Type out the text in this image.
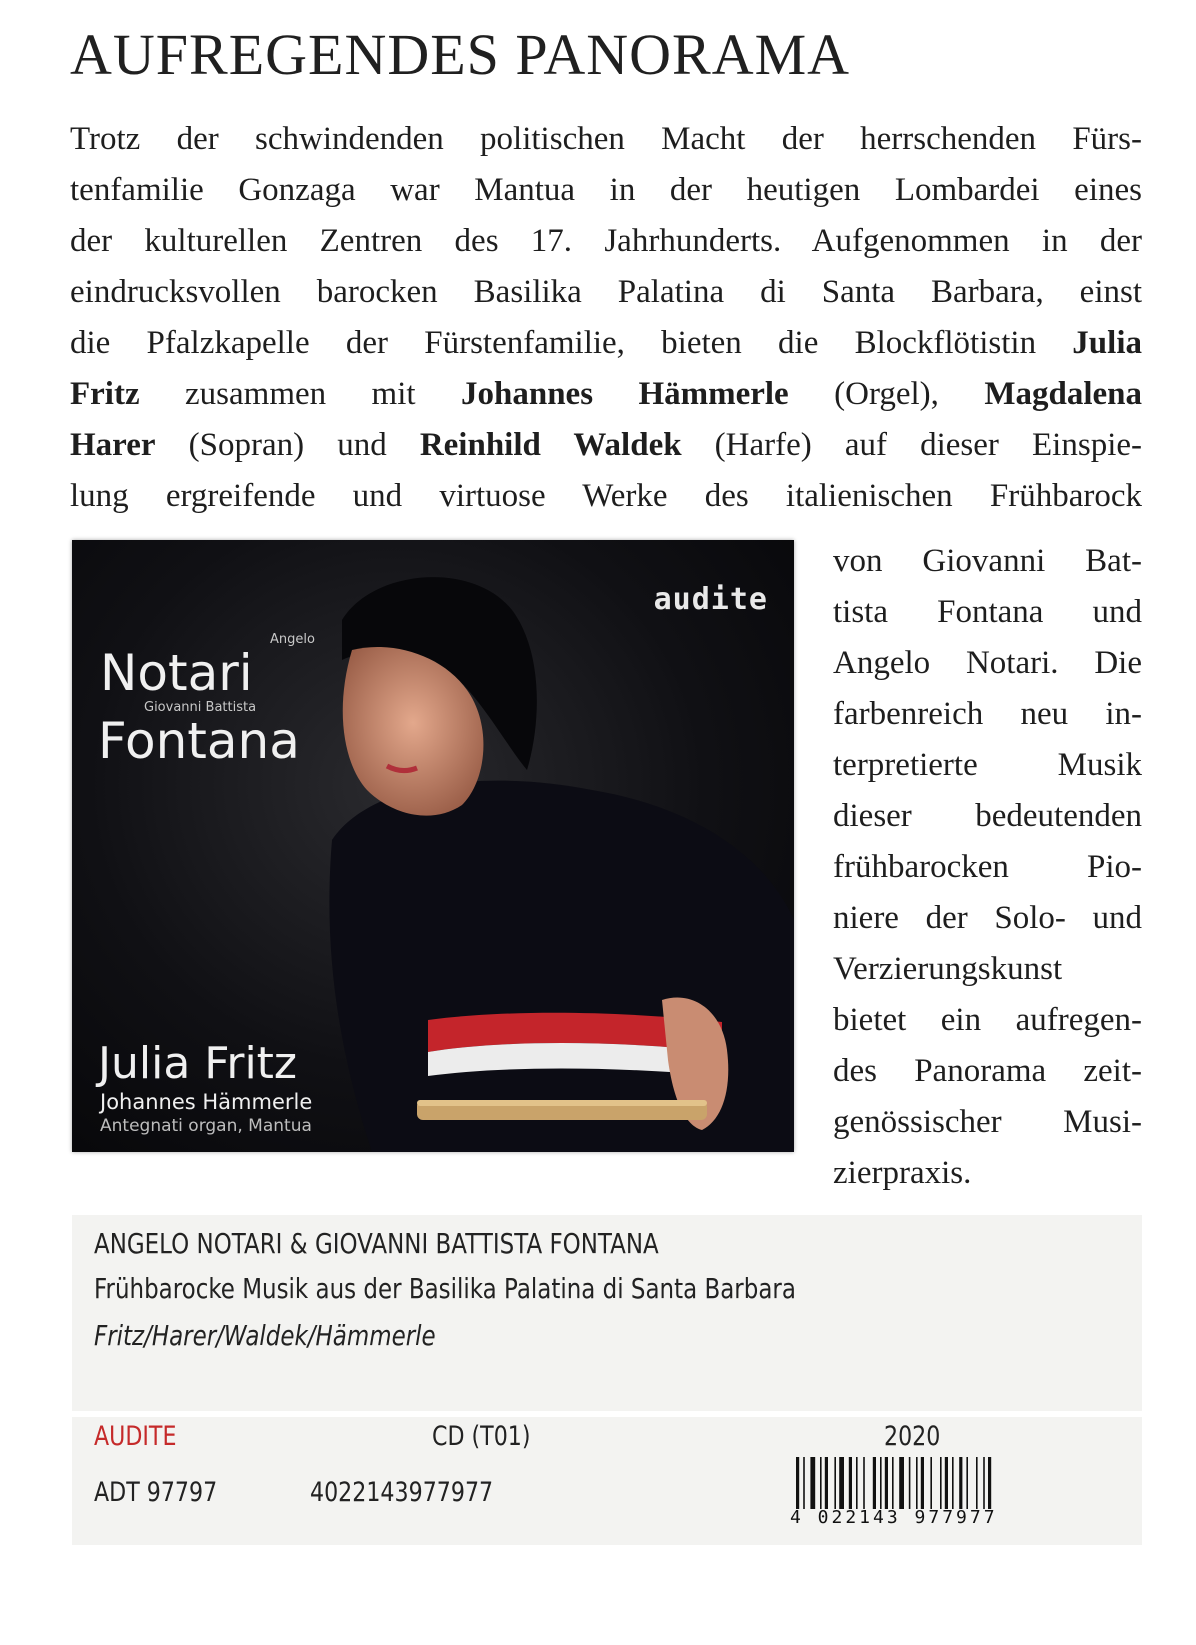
AUFREGENDES PANORAMA
Trotz der schwindenden politischen Macht der herrschenden Fürs-
tenfamilie Gonzaga war Mantua in der heutigen Lombardei eines
der kulturellen Zentren des 17. Jahrhunderts. Aufgenommen in der
eindrucksvollen barocken Basilika Palatina di Santa Barbara, einst
die Pfalzkapelle der Fürstenfamilie, bieten die Blockflötistin Julia
Fritz zusammen mit Johannes Hämmerle (Orgel), Magdalena
Harer (Sopran) und Reinhild Waldek (Harfe) auf dieser Einspie-
lung ergreifende und virtuose Werke des italienischen Frühbarock
audite
Angelo
Notari
Giovanni Battista
Fontana
Julia Fritz
Johannes Hämmerle
Antegnati organ, Mantua
von Giovanni Bat-
tista Fontana und
Angelo Notari. Die
farbenreich neu in-
terpretierte Musik
dieser bedeutenden
frühbarocken Pio-
niere der Solo- und
Verzierungskunst
bietet ein aufregen-
des Panorama zeit-
genössischer Musi-
zierpraxis.
ANGELO NOTARI & GIOVANNI BATTISTA FONTANA
Frühbarocke Musik aus der Basilika Palatina di Santa Barbara
Fritz/Harer/Waldek/Hämmerle
AUDITE	CD (T01)	2020
ADT 97797	4022143977977
4 022143 977977
